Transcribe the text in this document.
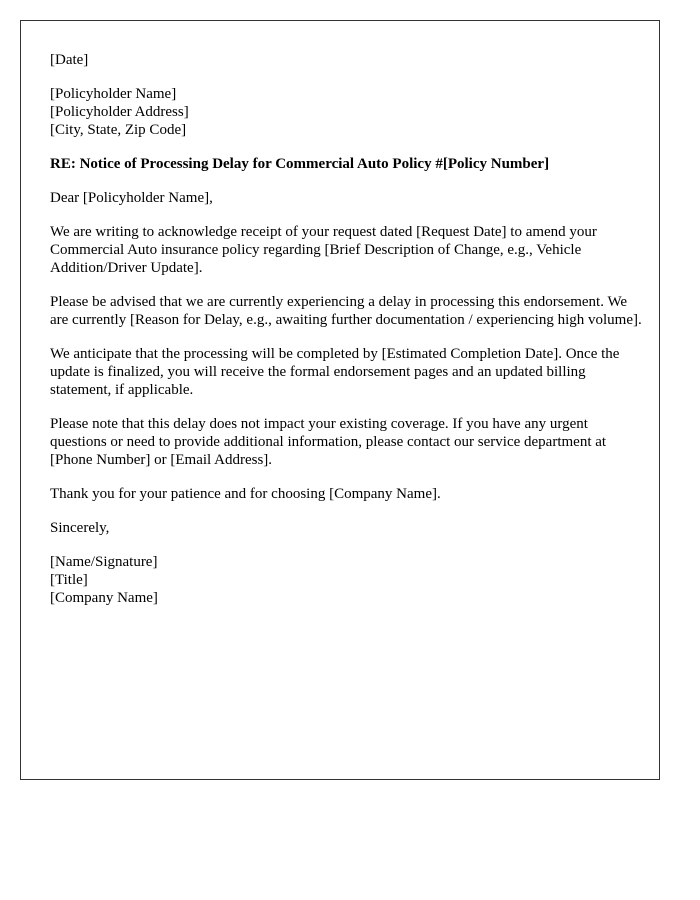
[Date]
[Policyholder Name]
[Policyholder Address]
[City, State, Zip Code]
RE: Notice of Processing Delay for Commercial Auto Policy #[Policy Number]
Dear [Policyholder Name],

We are writing to acknowledge receipt of your request dated [Request Date] to amend your Commercial Auto insurance policy regarding [Brief Description of Change, e.g., Vehicle Addition/Driver Update].

Please be advised that we are currently experiencing a delay in processing this endorsement. We are currently [Reason for Delay, e.g., awaiting further documentation / experiencing high volume].

We anticipate that the processing will be completed by [Estimated Completion Date]. Once the update is finalized, you will receive the formal endorsement pages and an updated billing statement, if applicable.

Please note that this delay does not impact your existing coverage. If you have any urgent questions or need to provide additional information, please contact our service department at [Phone Number] or [Email Address].

Thank you for your patience and for choosing [Company Name].

Sincerely,
[Name/Signature]
[Title]
[Company Name]
